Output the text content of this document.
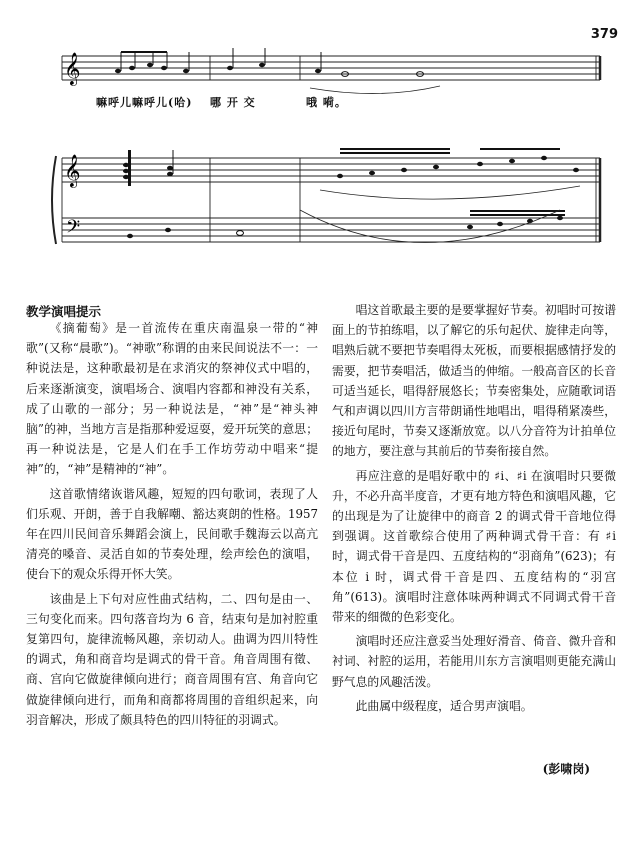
379
𝄞
𝄞
𝄢
嘛呼儿嘛呼儿(哈) 哪 开 交	哦 嗬。
教学演唱提示

《摘葡萄》是一首流传在重庆南温泉一带的“神歌”(又称“晨歌”)。“神歌”称谓的由来民间说法不一：一种说法是，这种歌最初是在求消灾的祭神仪式中唱的，后来逐渐演变，演唱场合、演唱内容都和神没有关系，成了山歌的一部分；另一种说法是，“神”是“神头神脑”的神，当地方言是指那种爱逗耍，爱开玩笑的意思；再一种说法是，它是人们在手工作坊劳动中唱来“提神”的，“神”是精神的“神”。

这首歌情绪诙谐风趣，短短的四句歌词，表现了人们乐观、开朗，善于自我解嘲、豁达爽朗的性格。1957 年在四川民间音乐舞蹈会演上，民间歌手魏海云以高亢清亮的嗓音、灵活自如的节奏处理，绘声绘色的演唱，使台下的观众乐得开怀大笑。

该曲是上下句对应性曲式结构，二、四句是由一、三句变化而来。四句落音均为 6 音，结束句是加衬腔重复第四句，旋律流畅风趣，亲切动人。曲调为四川特性的调式，角和商音均是调式的骨干音。角音周围有徵、商、宫向它做旋律倾向进行；商音周围有宫、角音向它做旋律倾向进行，而角和商都将周围的音组织起来，向羽音解决，形成了颇具特色的四川特征的羽调式。

唱这首歌最主要的是要掌握好节奏。初唱时可按谱面上的节拍练唱，以了解它的乐句起伏、旋律走向等，唱熟后就不要把节奏唱得太死板，而要根据感情抒发的需要，把节奏唱活，做适当的伸缩。一般高音区的长音可适当延长，唱得舒展悠长；节奏密集处，应随歌词语气和声调以四川方言带朗诵性地唱出，唱得稍紧凑些，接近句尾时，节奏又逐渐放宽。以八分音符为计拍单位的地方，要注意与其前后的节奏衔接自然。

再应注意的是唱好歌中的 ♯i、♯i 在演唱时只要微升，不必升高半度音，才更有地方特色和演唱风趣，它的出现是为了让旋律中的商音 2 的调式骨干音地位得到强调。这首歌综合使用了两种调式骨干音：有 ♯i 时，调式骨干音是四、五度结构的“羽商角”(623)；有本位 i 时，调式骨干音是四、五度结构的“羽宫角”(613)。演唱时注意体味两种调式不同调式骨干音带来的细微的色彩变化。

演唱时还应注意妥当处理好滑音、倚音、微升音和衬词、衬腔的运用，若能用川东方言演唱则更能充满山野气息的风趣活泼。

此曲属中级程度，适合男声演唱。

(彭啸岗)
